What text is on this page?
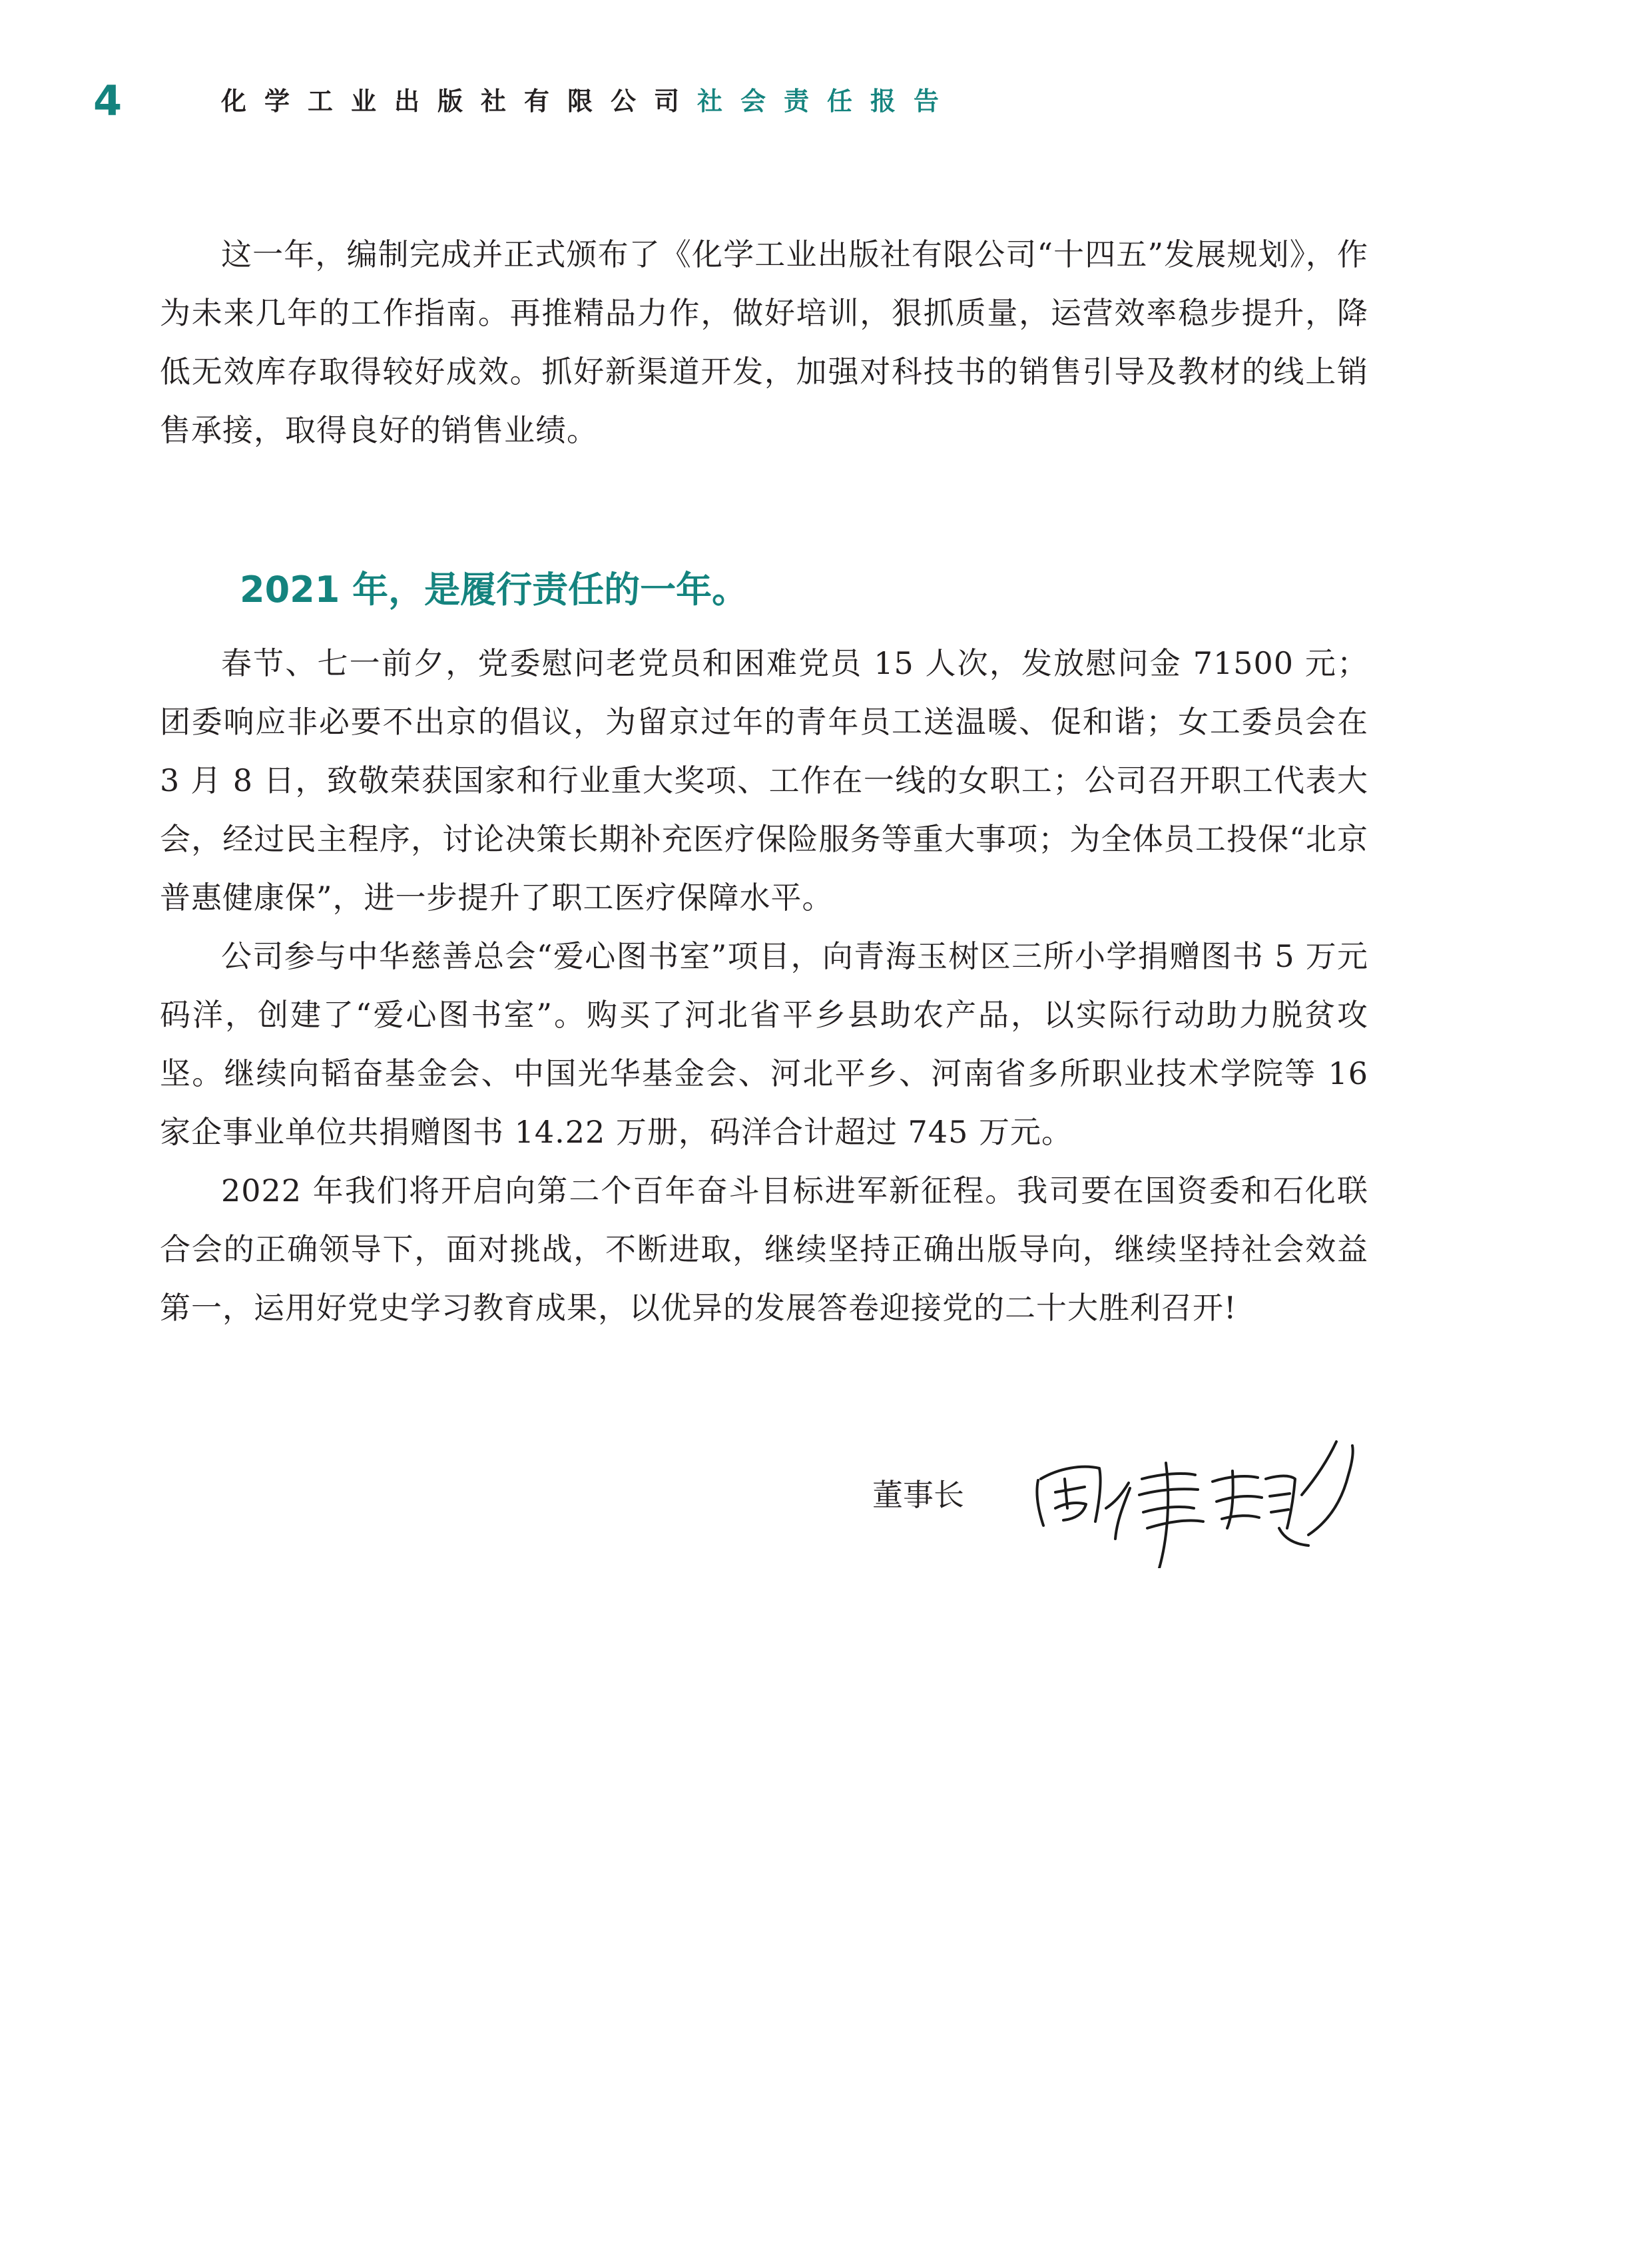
4	化学工业出版社有限公司社会责任报告

这一年，编制完成并正式颁布了《化学工业出版社有限公司“十四五”发展规划》，作为未来几年的工作指南。再推精品力作，做好培训，狠抓质量，运营效率稳步提升，降低无效库存取得较好成效。抓好新渠道开发，加强对科技书的销售引导及教材的线上销售承接，取得良好的销售业绩。

2021 年，是履行责任的一年。

春节、七一前夕，党委慰问老党员和困难党员 15 人次，发放慰问金 71500 元；团委响应非必要不出京的倡议，为留京过年的青年员工送温暖、促和谐；女工委员会在 3 月 8 日，致敬荣获国家和行业重大奖项、工作在一线的女职工；公司召开职工代表大会，经过民主程序，讨论决策长期补充医疗保险服务等重大事项；为全体员工投保“北京普惠健康保”，进一步提升了职工医疗保障水平。

公司参与中华慈善总会“爱心图书室”项目，向青海玉树区三所小学捐赠图书 5 万元码洋，创建了“爱心图书室”。购买了河北省平乡县助农产品，以实际行动助力脱贫攻坚。继续向韬奋基金会、中国光华基金会、河北平乡、河南省多所职业技术学院等 16 家企事业单位共捐赠图书 14.22 万册，码洋合计超过 745 万元。

2022 年我们将开启向第二个百年奋斗目标进军新征程。我司要在国资委和石化联合会的正确领导下，面对挑战，不断进取，继续坚持正确出版导向，继续坚持社会效益第一，运用好党史学习教育成果，以优异的发展答卷迎接党的二十大胜利召开!

董事长
